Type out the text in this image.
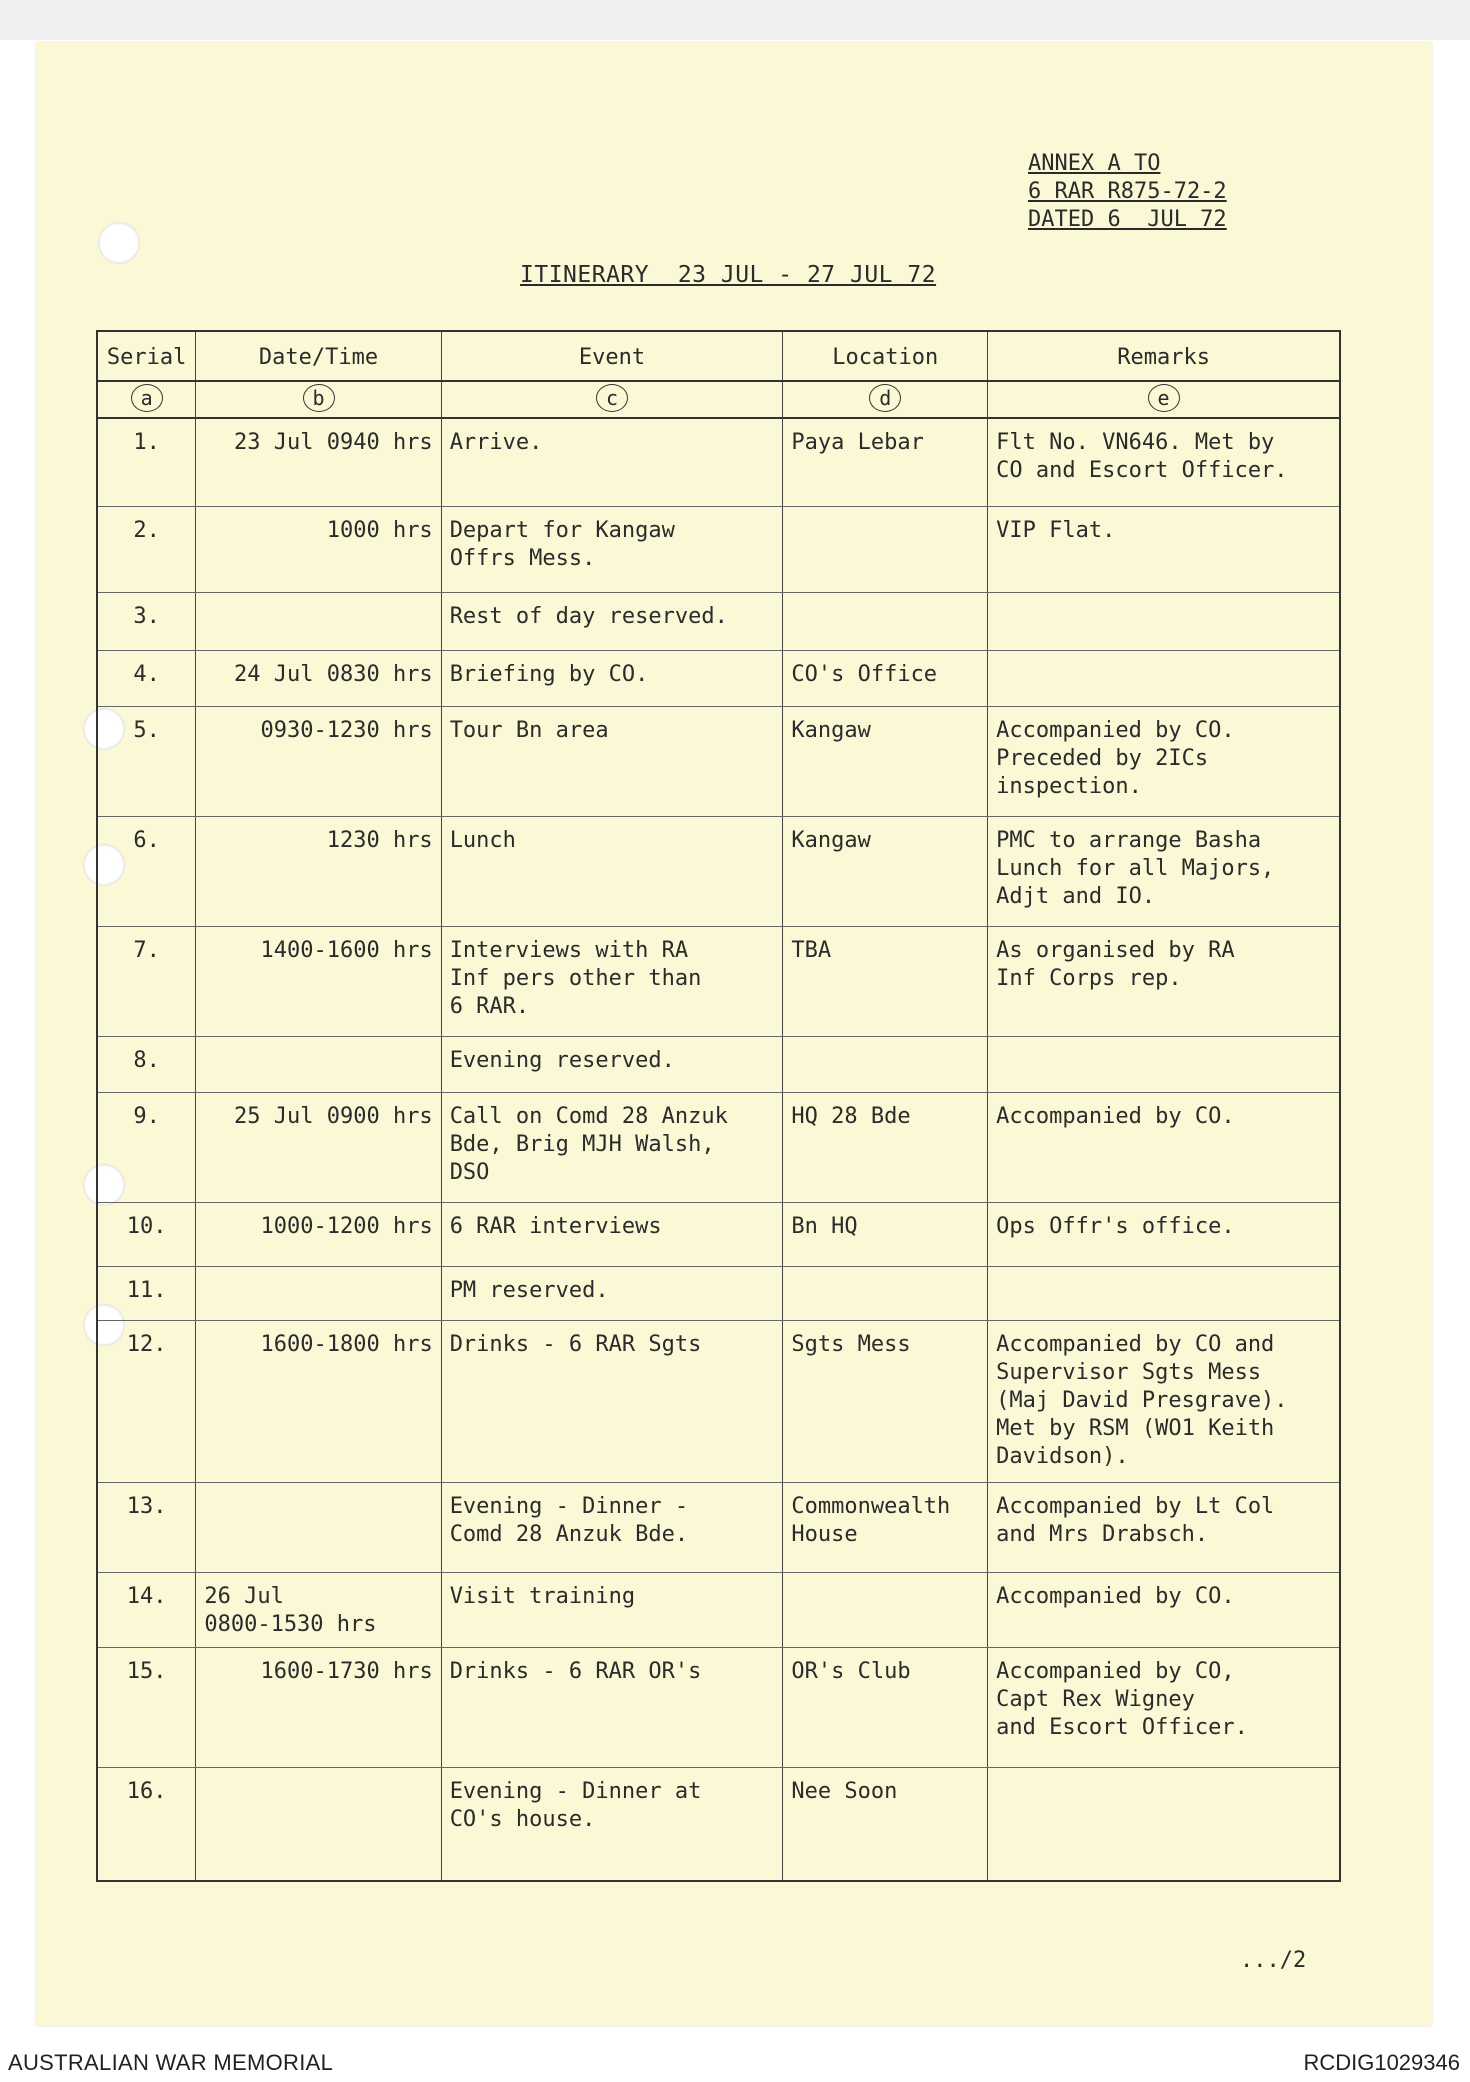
ANNEX A TO
6 RAR R875-72-2
DATED 6  JUL 72
ITINERARY  23 JUL - 27 JUL 72
Serial	Date/Time	Event	Location	Remarks
a	b	c	d	e
1.	23 Jul 0940 hrs	Arrive.	Paya Lebar	Flt No. VN646. Met by
CO and Escort Officer.
2.	1000 hrs	Depart for Kangaw
Offrs Mess.		VIP Flat.
3.		Rest of day reserved.		
4.	24 Jul 0830 hrs	Briefing by CO.	CO's Office	
5.	0930-1230 hrs	Tour Bn area	Kangaw	Accompanied by CO.
Preceded by 2ICs
inspection.
6.	1230 hrs	Lunch	Kangaw	PMC to arrange Basha
Lunch for all Majors,
Adjt and IO.
7.	1400-1600 hrs	Interviews with RA
Inf pers other than
6 RAR.	TBA	As organised by RA
Inf Corps rep.
8.		Evening reserved.		
9.	25 Jul 0900 hrs	Call on Comd 28 Anzuk
Bde, Brig MJH Walsh,
DSO	HQ 28 Bde	Accompanied by CO.
10.	1000-1200 hrs	6 RAR interviews	Bn HQ	Ops Offr's office.
11.		PM reserved.		
12.	1600-1800 hrs	Drinks - 6 RAR Sgts	Sgts Mess	Accompanied by CO and
Supervisor Sgts Mess
(Maj David Presgrave).
Met by RSM (WO1 Keith
Davidson).
13.		Evening - Dinner -
Comd 28 Anzuk Bde.	Commonwealth
House	Accompanied by Lt Col
and Mrs Drabsch.
14.	26 Jul
0800-1530 hrs	Visit training		Accompanied by CO.
15.	1600-1730 hrs	Drinks - 6 RAR OR's	OR's Club	Accompanied by CO,
Capt Rex Wigney
and Escort Officer.
16.		Evening - Dinner at
CO's house.	Nee Soon	
.../2
AUSTRALIAN WAR MEMORIAL	RCDIG1029346
